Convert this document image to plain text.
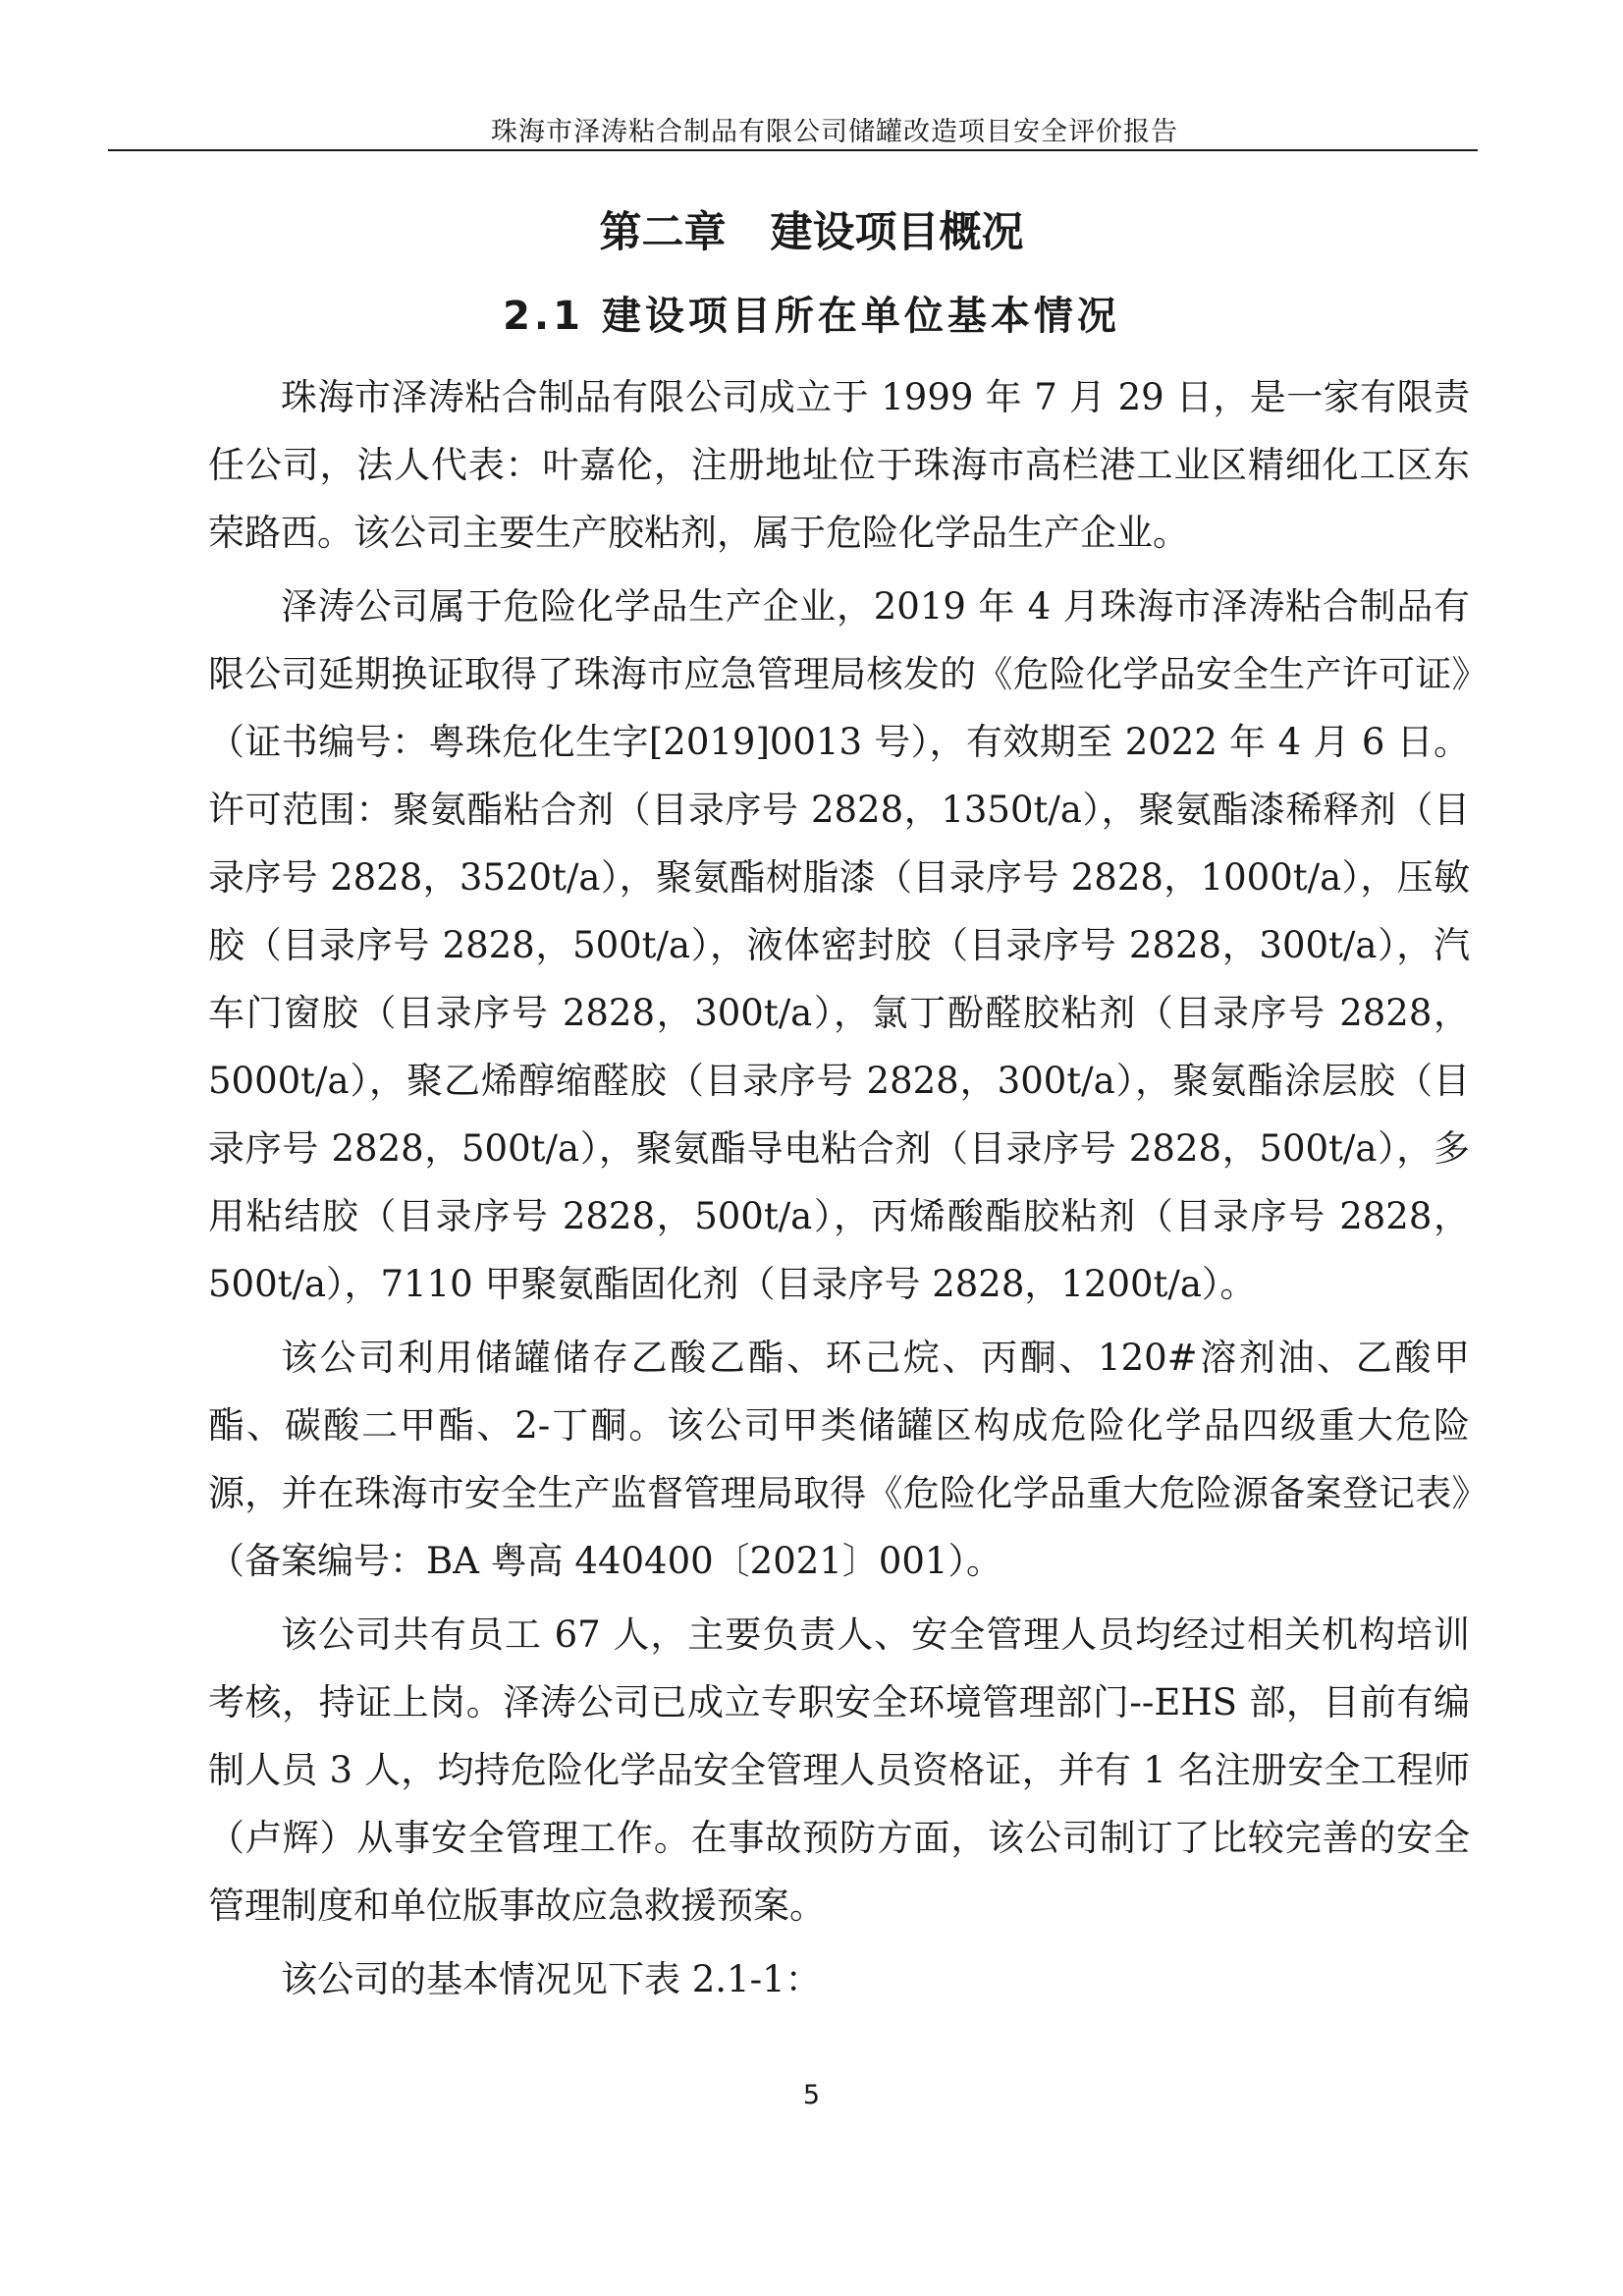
珠海市泽涛粘合制品有限公司储罐改造项目安全评价报告
第二章   建设项目概况
2.1 建设项目所在单位基本情况

珠海市泽涛粘合制品有限公司成立于 1999 年 7 月 29 日，是一家有限责任公司，法人代表：叶嘉伦，注册地址位于珠海市高栏港工业区精细化工区东荣路西。该公司主要生产胶粘剂，属于危险化学品生产企业。

泽涛公司属于危险化学品生产企业，2019 年 4 月珠海市泽涛粘合制品有限公司延期换证取得了珠海市应急管理局核发的《危险化学品安全生产许可证》（证书编号：粤珠危化生字[2019]0013 号），有效期至 2022 年 4 月 6 日。许可范围：聚氨酯粘合剂（目录序号 2828，1350t/a），聚氨酯漆稀释剂（目录序号 2828，3520t/a），聚氨酯树脂漆（目录序号 2828，1000t/a），压敏胶（目录序号 2828，500t/a），液体密封胶（目录序号 2828，300t/a），汽车门窗胶（目录序号 2828，300t/a），氯丁酚醛胶粘剂（目录序号 2828，5000t/a），聚乙烯醇缩醛胶（目录序号 2828，300t/a），聚氨酯涂层胶（目录序号 2828，500t/a），聚氨酯导电粘合剂（目录序号 2828，500t/a），多用粘结胶（目录序号 2828，500t/a），丙烯酸酯胶粘剂（目录序号 2828，500t/a），7110 甲聚氨酯固化剂（目录序号 2828，1200t/a）。

该公司利用储罐储存乙酸乙酯、环己烷、丙酮、120#溶剂油、乙酸甲酯、碳酸二甲酯、2-丁酮。该公司甲类储罐区构成危险化学品四级重大危险源，并在珠海市安全生产监督管理局取得《危险化学品重大危险源备案登记表》（备案编号：BA 粤高 440400〔2021〕001）。

该公司共有员工 67 人，主要负责人、安全管理人员均经过相关机构培训考核，持证上岗。泽涛公司已成立专职安全环境管理部门--EHS 部，目前有编制人员 3 人，均持危险化学品安全管理人员资格证，并有 1 名注册安全工程师（卢辉）从事安全管理工作。在事故预防方面，该公司制订了比较完善的安全管理制度和单位版事故应急救援预案。

该公司的基本情况见下表 2.1-1：

5
